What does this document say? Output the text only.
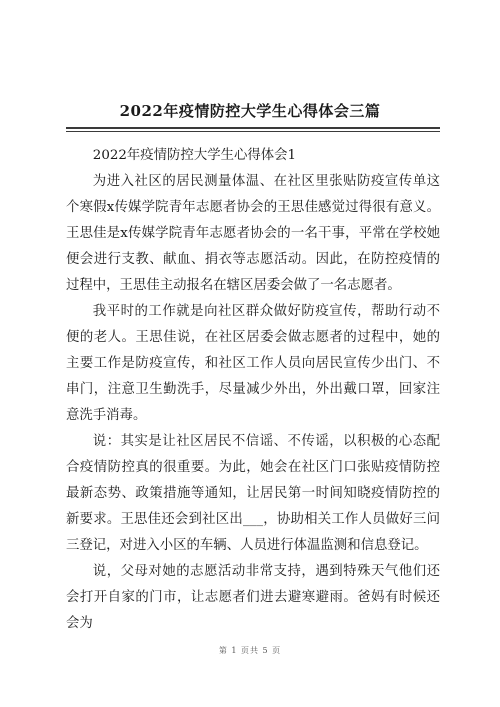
2022年疫情防控大学生心得体会三篇

2022年疫情防控大学生心得体会1

为进入社区的居民测量体温、在社区里张贴防疫宣传单这个寒假x传媒学院青年志愿者协会的王思佳感觉过得很有意义。王思佳是x传媒学院青年志愿者协会的一名干事，平常在学校她便会进行支教、献血、捐衣等志愿活动。因此，在防控疫情的过程中，王思佳主动报名在辖区居委会做了一名志愿者。

我平时的工作就是向社区群众做好防疫宣传，帮助行动不便的老人。王思佳说，在社区居委会做志愿者的过程中，她的主要工作是防疫宣传，和社区工作人员向居民宣传少出门、不串门，注意卫生勤洗手，尽量减少外出，外出戴口罩，回家注意洗手消毒。

说：其实是让社区居民不信谣、不传谣，以积极的心态配合疫情防控真的很重要。为此，她会在社区门口张贴疫情防控最新态势、政策措施等通知，让居民第一时间知晓疫情防控的新要求。王思佳还会到社区出___，协助相关工作人员做好三问三登记，对进入小区的车辆、人员进行体温监测和信息登记。

说，父母对她的志愿活动非常支持，遇到特殊天气他们还会打开自家的门市，让志愿者们进去避寒避雨。爸妈有时候还会为

第 1 页共 5 页
